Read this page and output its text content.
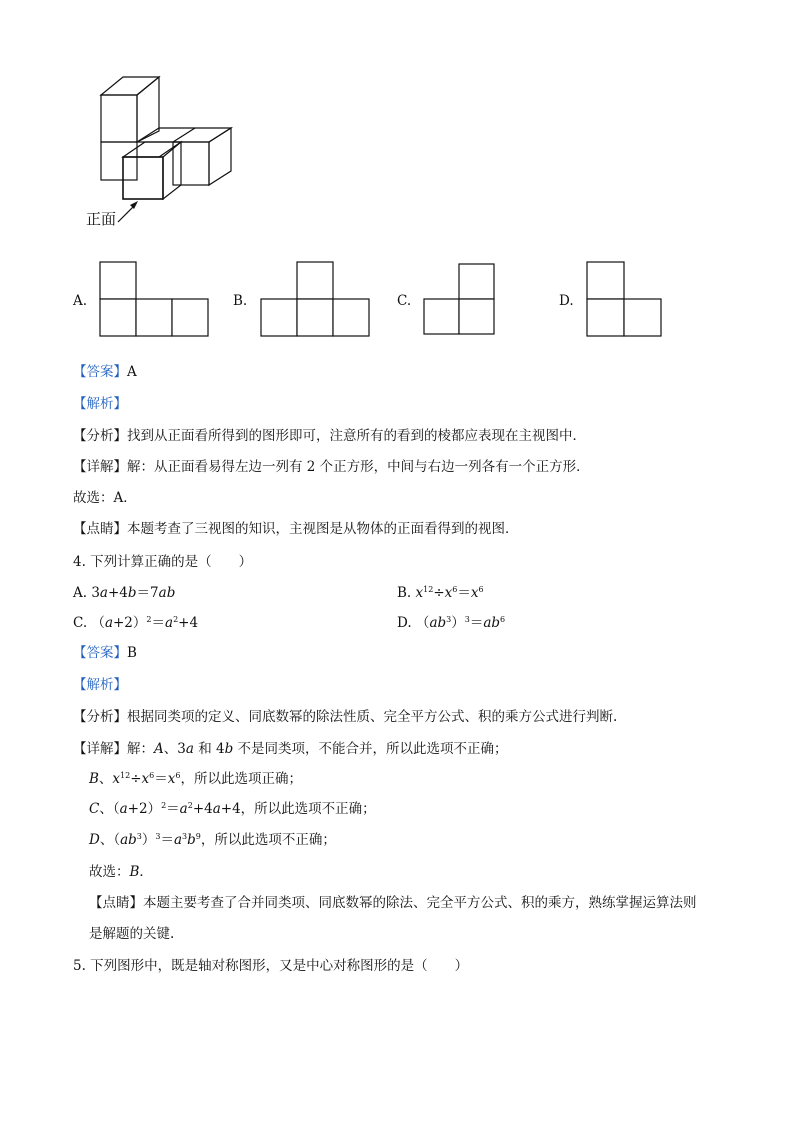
正面
A.	B.	C.	D.
【答案】A
【解析】
【分析】找到从正面看所得到的图形即可，注意所有的看到的棱都应表现在主视图中．
【详解】解：从正面看易得左边一列有 2 个正方形，中间与右边一列各有一个正方形．
故选：A．
【点睛】本题考查了三视图的知识，主视图是从物体的正面看得到的视图．
4. 下列计算正确的是（　　）
A. 3a+4b＝7ab	B. $x^{12}\div x^6=x^6$
C. $(a+2)^2=a^2+4$	D. $(ab^3)^3=ab^6$
【答案】B
【解析】
【分析】根据同类项的定义、同底数幂的除法性质、完全平方公式、积的乘方公式进行判断.
【详解】解：A、3a 和 4b 不是同类项，不能合并，所以此选项不正确；
B、$x^{12}\div x^6=x^6$，所以此选项正确；
C、$(a+2)^2=a^2+4a+4$，所以此选项不正确；
D、$(ab^3)^3=a^3b^9$，所以此选项不正确；
故选：B．
【点睛】本题主要考查了合并同类项、同底数幂的除法、完全平方公式、积的乘方，熟练掌握运算法则
是解题的关键.
5. 下列图形中，既是轴对称图形，又是中心对称图形的是（　　）
